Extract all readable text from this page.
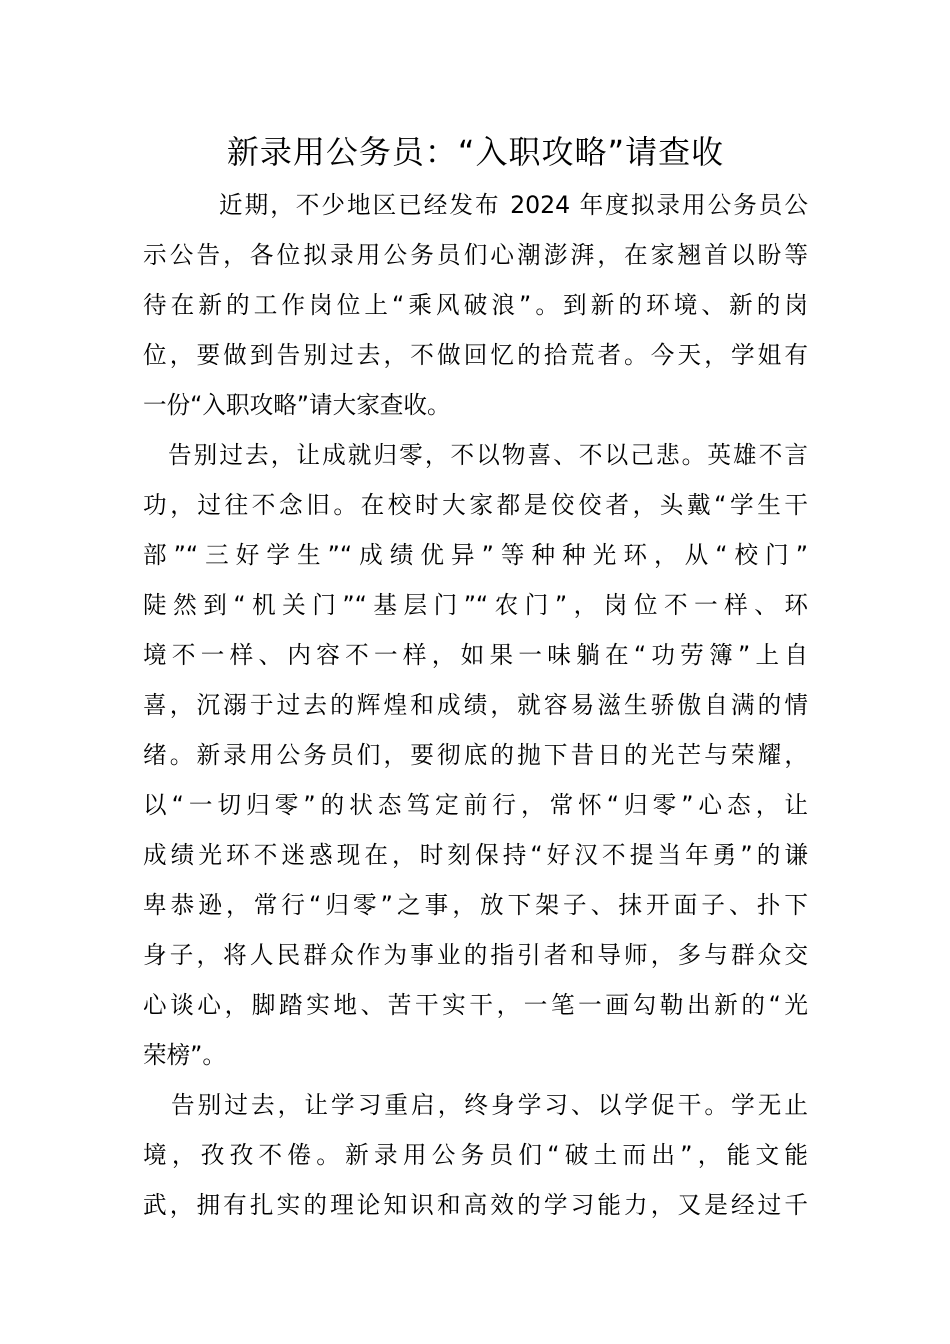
新录用公务员：“入职攻略”请查收
近期，不少地区已经发布 2024 年度拟录用公务员公
示公告，各位拟录用公务员们心潮澎湃，在家翘首以盼等
待在新的工作岗位上“乘风破浪”。到新的环境、新的岗
位，要做到告别过去，不做回忆的拾荒者。今天，学姐有
一份“入职攻略”请大家查收。
告别过去，让成就归零，不以物喜、不以己悲。英雄不言
功，过往不念旧。在校时大家都是佼佼者，头戴“学生干
部”“三好学生”“成绩优异”等种种光环，从“校门”
陡然到“机关门”“基层门”“农门”，岗位不一样、环
境不一样、内容不一样，如果一味躺在“功劳簿”上自
喜，沉溺于过去的辉煌和成绩，就容易滋生骄傲自满的情
绪。新录用公务员们，要彻底的抛下昔日的光芒与荣耀，
以“一切归零”的状态笃定前行，常怀“归零”心态，让
成绩光环不迷惑现在，时刻保持“好汉不提当年勇”的谦
卑恭逊，常行“归零”之事，放下架子、抹开面子、扑下
身子，将人民群众作为事业的指引者和导师，多与群众交
心谈心，脚踏实地、苦干实干，一笔一画勾勒出新的“光
荣榜”。
告别过去，让学习重启，终身学习、以学促干。学无止
境，孜孜不倦。新录用公务员们“破土而出”，能文能
武，拥有扎实的理论知识和高效的学习能力，又是经过千
